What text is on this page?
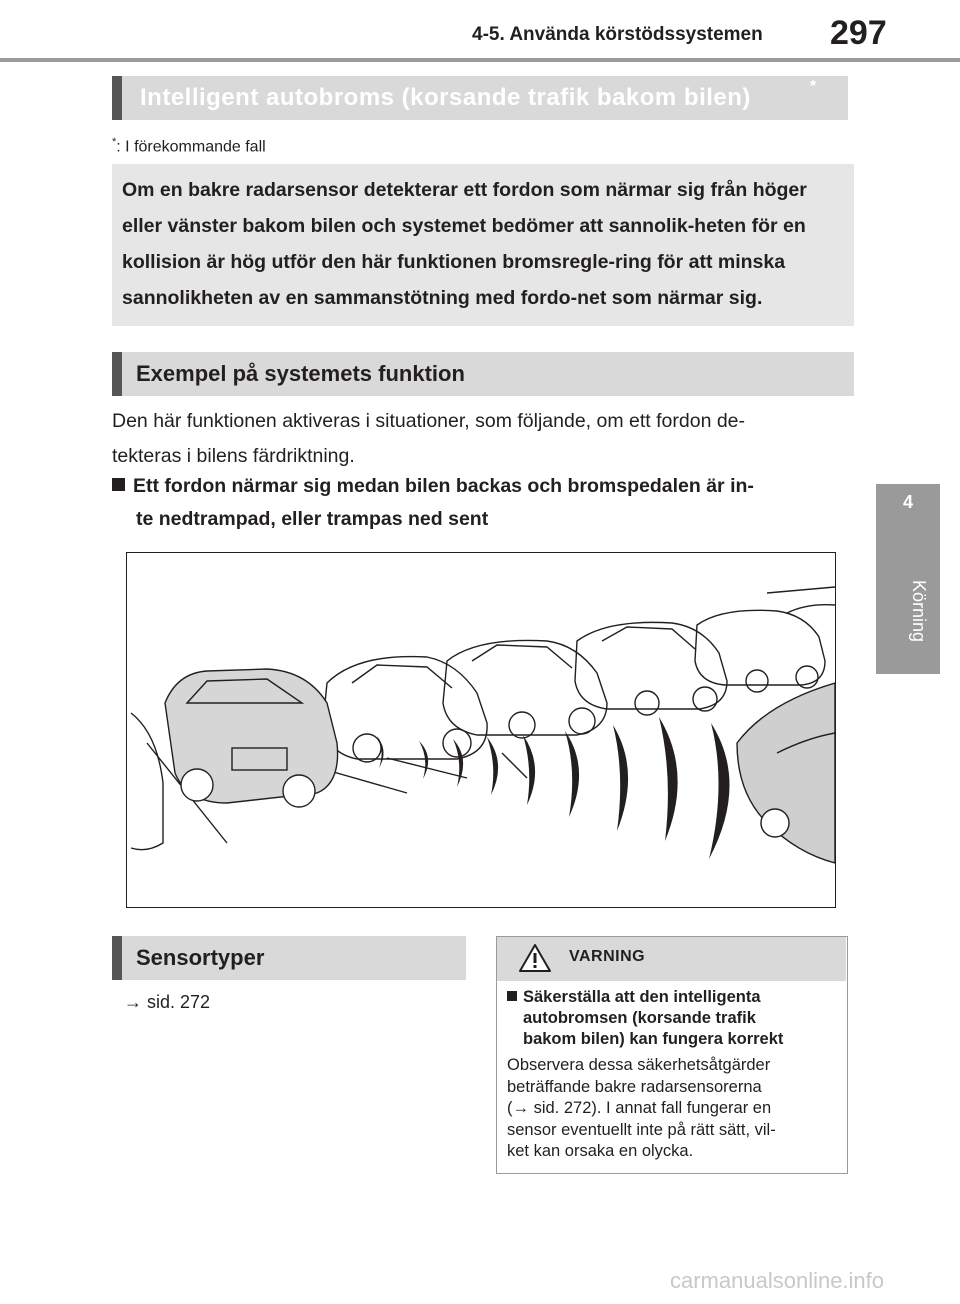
4-5. Använda körstödssystemen 297
4
Körning
Intelligent autobroms (korsande trafik bakom bilen)	*
*: I förekommande fall
Om en bakre radarsensor detekterar ett fordon som närmar sig från höger eller vänster bakom bilen och systemet bedömer att sannolik-heten för en kollision är hög utför den här funktionen bromsregle-ring för att minska sannolikheten av en sammanstötning med fordo-net som närmar sig.
Exempel på systemets funktion
Den här funktionen aktiveras i situationer, som följande, om ett fordon de-
tekteras i bilens färdriktning.
Ett fordon närmar sig medan bilen backas och bromspedalen är in-
te nedtrampad, eller trampas ned sent
Sensortyper
→ sid. 272
VARNING
Säkerställa att den intelligenta
autobromsen (korsande trafik
bakom bilen) kan fungera korrekt
Observera dessa säkerhetsåtgärder
beträffande bakre radarsensorerna
(→ sid. 272). I annat fall fungerar en
sensor eventuellt inte på rätt sätt, vil-
ket kan orsaka en olycka.
carmanualsonline.info
